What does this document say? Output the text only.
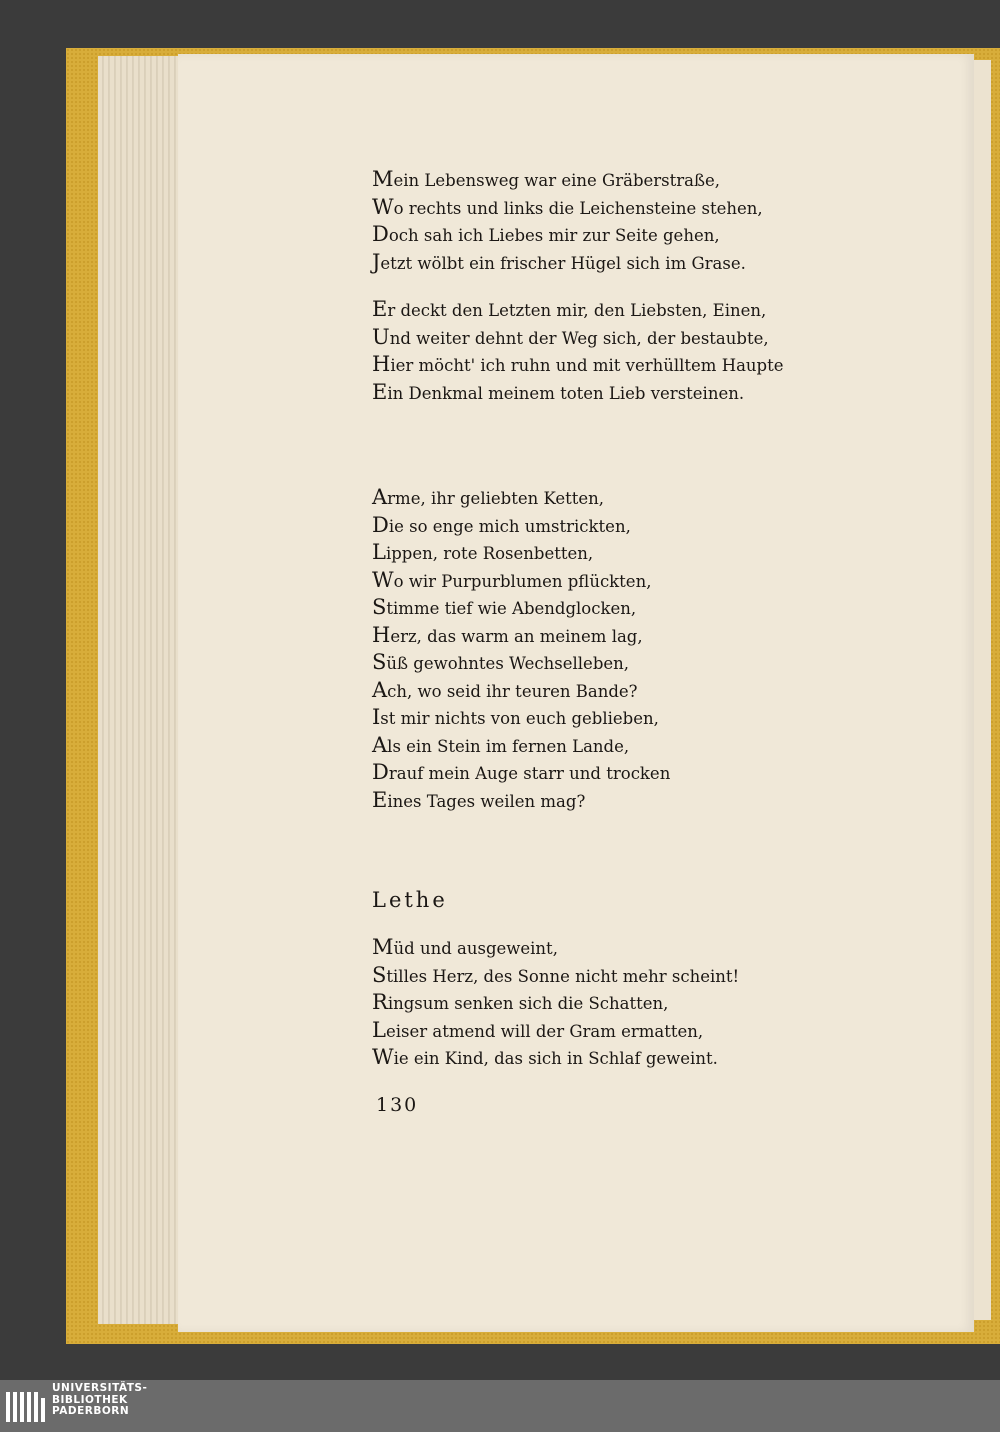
Mein Lebensweg war eine Gräberstraße,
Wo rechts und links die Leichensteine stehen,
Doch sah ich Liebes mir zur Seite gehen,
Jetzt wölbt ein frischer Hügel sich im Grase.
Er deckt den Letzten mir, den Liebsten, Einen,
Und weiter dehnt der Weg sich, der bestaubte,
Hier möcht' ich ruhn und mit verhülltem Haupte
Ein Denkmal meinem toten Lieb versteinen.
Arme, ihr geliebten Ketten,
Die so enge mich umstrickten,
Lippen, rote Rosenbetten,
Wo wir Purpurblumen pflückten,
Stimme tief wie Abendglocken,
Herz, das warm an meinem lag,
Süß gewohntes Wechselleben,
Ach, wo seid ihr teuren Bande?
Ist mir nichts von euch geblieben,
Als ein Stein im fernen Lande,
Drauf mein Auge starr und trocken
Eines Tages weilen mag?
Lethe
Müd und ausgeweint,
Stilles Herz, des Sonne nicht mehr scheint!
Ringsum senken sich die Schatten,
Leiser atmend will der Gram ermatten,
Wie ein Kind, das sich in Schlaf geweint.
130
UNIVERSITÄTS-
BIBLIOTHEK
PADERBORN
